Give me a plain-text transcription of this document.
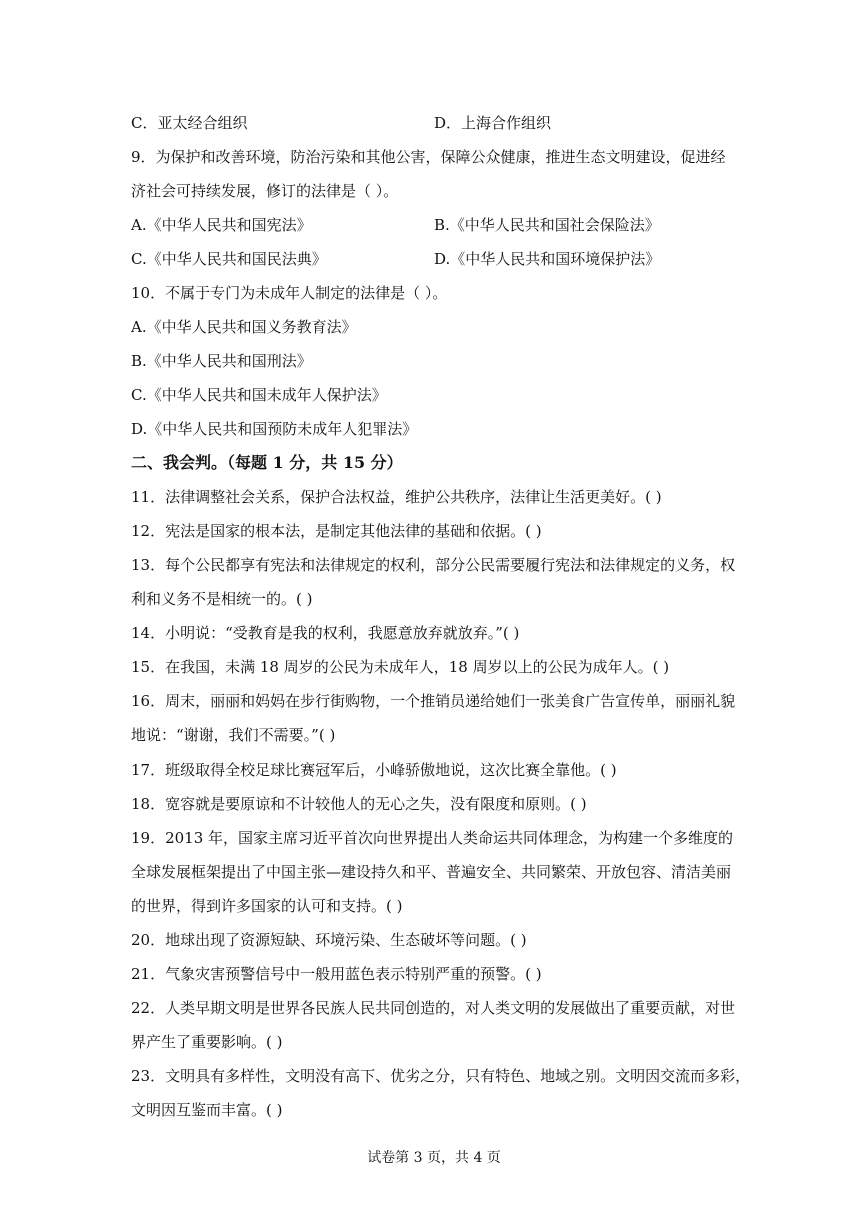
C．亚太经合组织	D．上海合作组织
9．为保护和改善环境，防治污染和其他公害，保障公众健康，推进生态文明建设，促进经
济社会可持续发展，修订的法律是（ ）。
A.《中华人民共和国宪法》	B.《中华人民共和国社会保险法》
C.《中华人民共和国民法典》	D.《中华人民共和国环境保护法》
10．不属于专门为未成年人制定的法律是（ ）。
A.《中华人民共和国义务教育法》
B.《中华人民共和国刑法》
C.《中华人民共和国未成年人保护法》
D.《中华人民共和国预防未成年人犯罪法》
二、我会判。（每题 1 分，共 15 分）
11．法律调整社会关系，保护合法权益，维护公共秩序，法律让生活更美好。( )
12．宪法是国家的根本法，是制定其他法律的基础和依据。( )
13．每个公民都享有宪法和法律规定的权利，部分公民需要履行宪法和法律规定的义务，权
利和义务不是相统一的。( )
14．小明说：“受教育是我的权利，我愿意放弃就放弃。”( )
15．在我国，未满 18 周岁的公民为未成年人，18 周岁以上的公民为成年人。( )
16．周末，丽丽和妈妈在步行街购物，一个推销员递给她们一张美食广告宣传单，丽丽礼貌
地说：“谢谢，我们不需要。”( )
17．班级取得全校足球比赛冠军后，小峰骄傲地说，这次比赛全靠他。( )
18．宽容就是要原谅和不计较他人的无心之失，没有限度和原则。( )
19．2013 年，国家主席习近平首次向世界提出人类命运共同体理念，为构建一个多维度的
全球发展框架提出了中国主张—建设持久和平、普遍安全、共同繁荣、开放包容、清洁美丽
的世界，得到许多国家的认可和支持。( )
20．地球出现了资源短缺、环境污染、生态破坏等问题。( )
21．气象灾害预警信号中一般用蓝色表示特别严重的预警。( )
22．人类早期文明是世界各民族人民共同创造的，对人类文明的发展做出了重要贡献，对世
界产生了重要影响。( )
23．文明具有多样性，文明没有高下、优劣之分，只有特色、地域之别。文明因交流而多彩，
文明因互鉴而丰富。( )
试卷第 3 页，共 4 页
